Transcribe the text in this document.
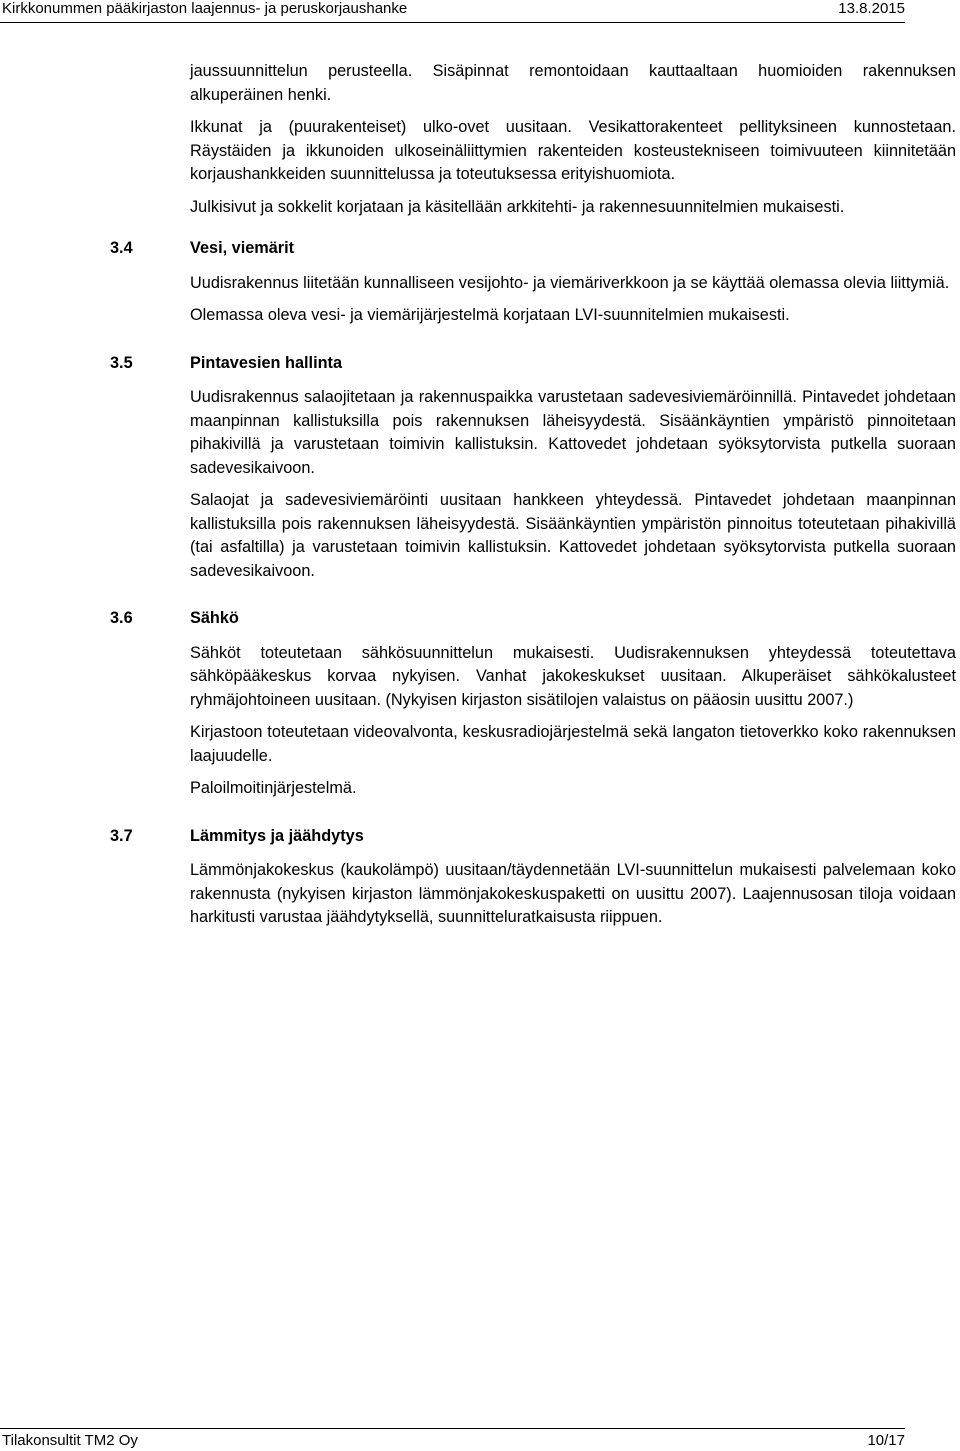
Kirkkonummen pääkirjaston laajennus- ja peruskorjaushanke	13.8.2015

jaussuunnittelun perusteella. Sisäpinnat remontoidaan kauttaaltaan huomioiden rakennuksen alkuperäinen henki.

Ikkunat ja (puurakenteiset) ulko-ovet uusitaan. Vesikattorakenteet pellityksineen kunnostetaan. Räystäiden ja ikkunoiden ulkoseinäliittymien rakenteiden kosteustekniseen toimivuuteen kiinnitetään korjaushankkeiden suunnittelussa ja toteutuksessa erityishuomiota.

Julkisivut ja sokkelit korjataan ja käsitellään arkkitehti- ja rakennesuunnitelmien mukaisesti.

3.4	Vesi, viemärit

Uudisrakennus liitetään kunnalliseen vesijohto- ja viemäriverkkoon ja se käyttää olemassa olevia liittymiä.

Olemassa oleva vesi- ja viemärijärjestelmä korjataan LVI-suunnitelmien mukaisesti.

3.5	Pintavesien hallinta

Uudisrakennus salaojitetaan ja rakennuspaikka varustetaan sadevesiviemäröinnillä. Pintavedet johdetaan maanpinnan kallistuksilla pois rakennuksen läheisyydestä. Sisäänkäyntien ympäristö pinnoitetaan pihakivillä ja varustetaan toimivin kallistuksin. Kattovedet johdetaan syöksytorvista putkella suoraan sadevesikaivoon.

Salaojat ja sadevesiviemäröinti uusitaan hankkeen yhteydessä. Pintavedet johdetaan maanpinnan kallistuksilla pois rakennuksen läheisyydestä. Sisäänkäyntien ympäristön pinnoitus toteutetaan pihakivillä (tai asfaltilla) ja varustetaan toimivin kallistuksin. Kattovedet johdetaan syöksytorvista putkella suoraan sadevesikaivoon.

3.6	Sähkö

Sähköt toteutetaan sähkösuunnittelun mukaisesti. Uudisrakennuksen yhteydessä toteutettava sähköpääkeskus korvaa nykyisen. Vanhat jakokeskukset uusitaan. Alkuperäiset sähkökalusteet ryhmäjohtoineen uusitaan. (Nykyisen kirjaston sisätilojen valaistus on pääosin uusittu 2007.)

Kirjastoon toteutetaan videovalvonta, keskusradiojärjestelmä sekä langaton tietoverkko koko rakennuksen laajuudelle.

Paloilmoitinjärjestelmä.

3.7	Lämmitys ja jäähdytys

Lämmönjakokeskus (kaukolämpö) uusitaan/täydennetään LVI-suunnittelun mukaisesti palvelemaan koko rakennusta (nykyisen kirjaston lämmönjakokeskuspaketti on uusittu 2007). Laajennusosan tiloja voidaan harkitusti varustaa jäähdytyksellä, suunnitteluratkaisusta riippuen.

Tilakonsultit TM2 Oy	10/17
